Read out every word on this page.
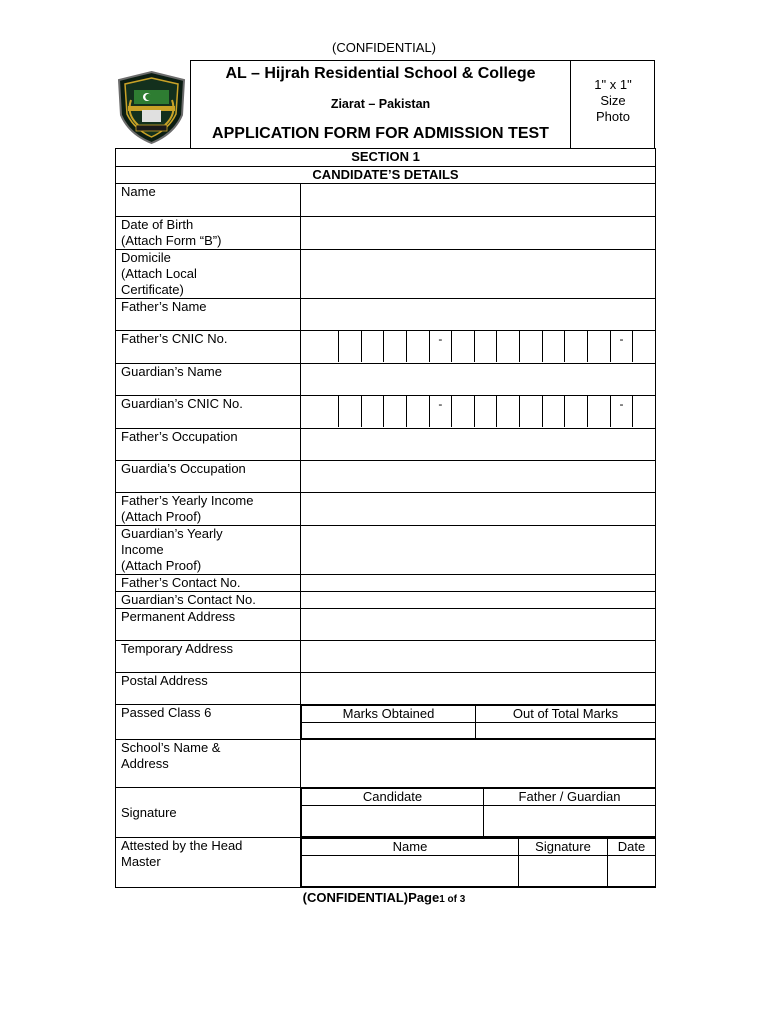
(CONFIDENTIAL)
AL – Hijrah Residential School & College
Ziarat – Pakistan
APPLICATION FORM FOR ADMISSION TEST
1" x 1"
Size
Photo
SECTION 1
CANDIDATE’S DETAILS
Name	

Date of Birth
(Attach Form “B”)

Domicile
(Attach Local
Certificate)

Father’s Name	
Father’s CNIC No.	-	-

Guardian’s Name	
Guardian’s CNIC No.	-	-

Father’s Occupation	
Guardia’s Occupation	

Father’s Yearly Income
(Attach Proof)

Guardian’s Yearly
Income
(Attach Proof)

Father’s Contact No.	
Guardian’s Contact No.	
Permanent Address	
Temporary Address	
Postal Address	
Passed Class 6		Marks Obtained	Out of Total Marks

School’s Name &
Address

Signature	
Candidate	Father / Guardian

Attested by the Head
Master

Name	Signature	Date

(CONFIDENTIAL)Page1 of 3
